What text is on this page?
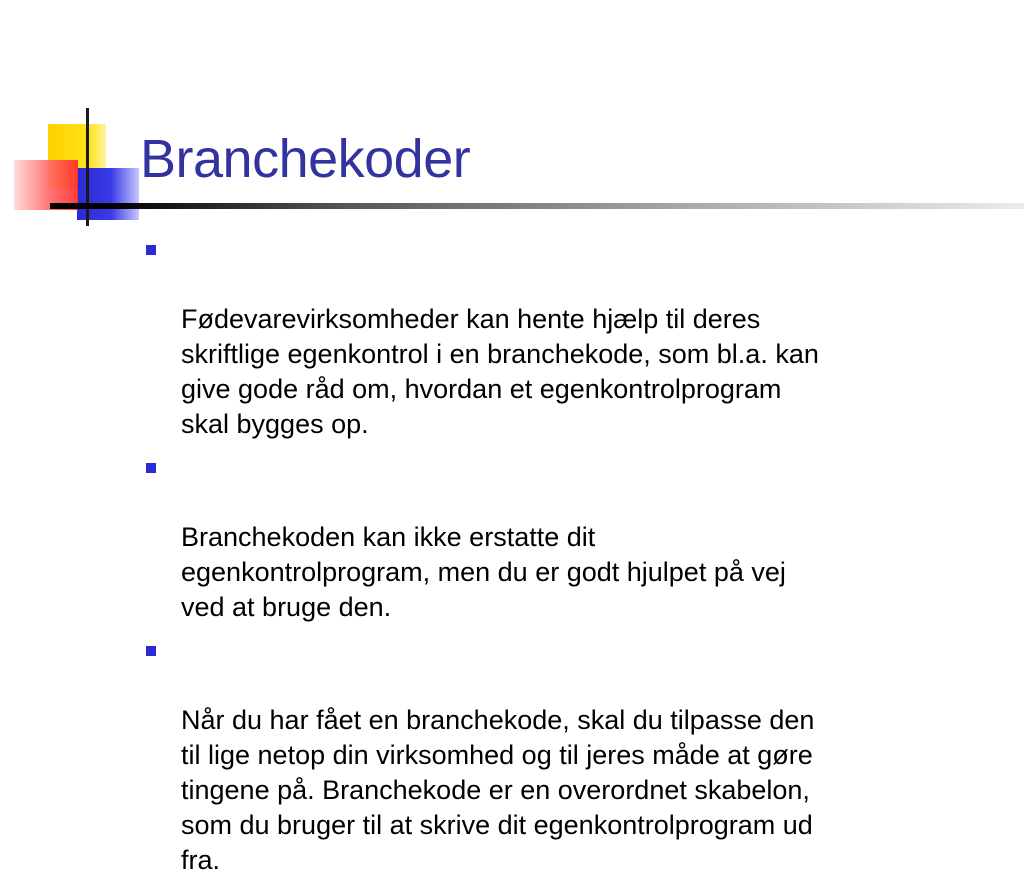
Branchekoder

Fødevarevirksomheder kan hente hjælp til deres
skriftlige egenkontrol i en branchekode, som bl.a. kan
give gode råd om, hvordan et egenkontrolprogram
skal bygges op.

Branchekoden kan ikke erstatte dit
egenkontrolprogram, men du er godt hjulpet på vej
ved at bruge den.

Når du har fået en branchekode, skal du tilpasse den
til lige netop din virksomhed og til jeres måde at gøre
tingene på. Branchekode er en overordnet skabelon,
som du bruger til at skrive dit egenkontrolprogram ud
fra.
